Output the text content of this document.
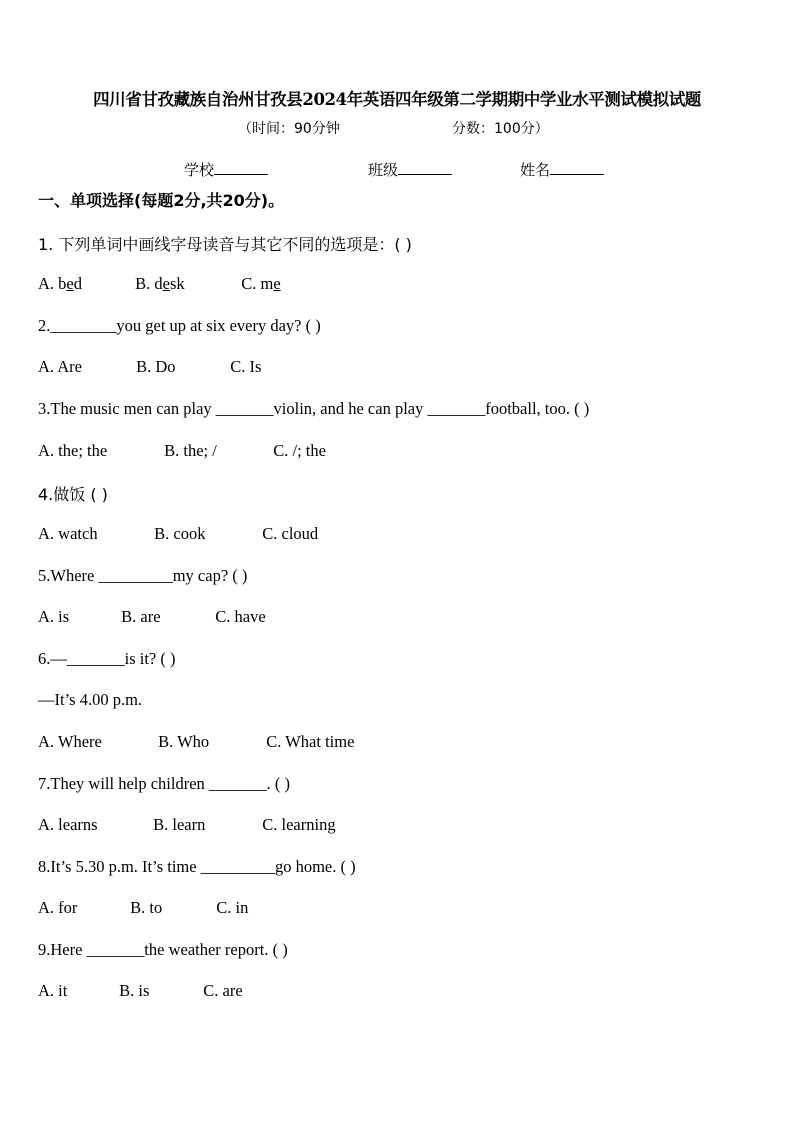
四川省甘孜藏族自治州甘孜县2024年英语四年级第二学期期中学业水平测试模拟试题
（时间：90分钟	分数：100分）
学校	班级	姓名
一、单项选择(每题2分,共20分)。
1. 下列单词中画线字母读音与其它不同的选项是：( )
A. bed	B. desk	C. me
2.________you get up at six every day? ( )
A. Are	B. Do	C. Is
3.The music men can play _______violin, and he can play _______football, too. ( )
A. the; the	B. the; /	C. /; the
4.做饭 ( )
A. watch	B. cook	C. cloud
5.Where _________my cap? ( )
A. is	B. are	C. have
6.—_______is it? ( )
—It’s 4.00 p.m.
A. Where	B. Who	C. What time
7.They will help children _______. ( )
A. learns	B. learn	C. learning
8.It’s 5.30 p.m. It’s time _________go home. ( )
A. for	B. to	C. in
9.Here _______the weather report. ( )
A. it	B. is	C. are
